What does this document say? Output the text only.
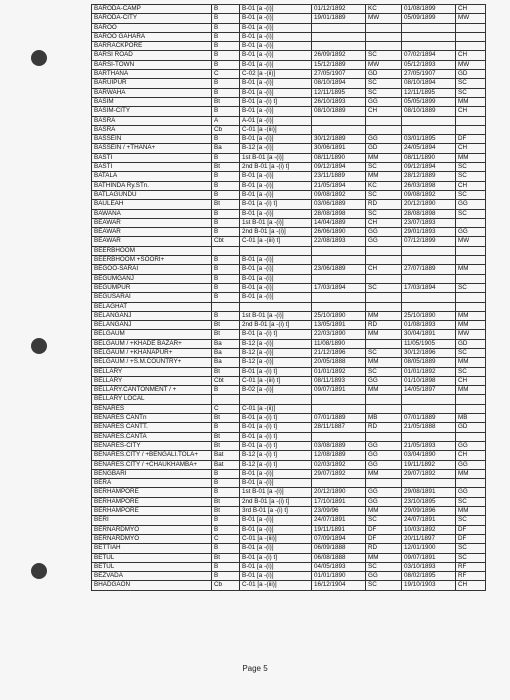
BARODA-CAMP	B	B-01 [a -(i)]	01/12/1892	KC	01/08/1899	CH
BARODA-CITY	B	B-01 [a -(i)]	19/01/1889	MW	05/09/1899	MW
BAROO	B	B-01 [a -(i)]				
BAROO GAHARA	B	B-01 [a -(i)]				
BARRACKPORE	B	B-01 [a -(i)]				
BARSI ROAD	B	B-01 [a -(i)]	26/09/1892	SC	07/02/1894	CH
BARSI-TOWN	B	B-01 [a -(i)]	15/12/1889	MW	05/12/1893	MW
BARTHANA	C	C-02 [a -(ii)]	27/05/1907	GD	27/05/1907	GD
BARUIPUR	B	B-01 [a -(i)]	08/10/1894	SC	08/10/1894	SC
BARWAHA	B	B-01 [a -(i)]	12/11/1895	SC	12/11/1895	SC
BASIM	Bt	B-01 [a -(i) t]	26/10/1893	GG	05/05/1899	MM
BASIM-CITY	B	B-01 [a -(i)]	08/10/1889	CH	08/10/1889	CH
BASRA	A	A-01 [a -(i)]				
BASRA	Cb	C-01 [a -(iii)]				
BASSEIN	B	B-01 [a -(i)]	30/12/1889	GG	03/01/1895	DF
BASSEIN / +THANA+	Ba	B-12 [a -(i)]	30/06/1891	GD	24/05/1894	CH
BASTI	B	1st B-01 [a -(i)]	08/11/1890	MM	08/11/1890	MM
BASTI	Bt	2nd B-01 [a -(i) t]	09/12/1894	SC	09/12/1894	SC
BATALA	B	B-01 [a -(i)]	23/11/1889	MM	28/12/1889	SC
BATHINDA Ry.STn.	B	B-01 [a -(i)]	21/05/1894	KC	26/03/1898	CH
BATLAGUNDU	B	B-01 [a -(i)]	09/08/1892	SC	09/08/1892	SC
BAULEAH	Bt	B-01 [a -(i) t]	03/06/1889	RD	20/12/1890	GG
BAWANA	B	B-01 [a -(i)]	28/08/1898	SC	28/08/1898	SC
BEAWAR	B	1st B-01 [a -(i)]	14/04/1889	CH	23/07/1893	
BEAWAR	B	2nd B-01 [a -(i)]	26/06/1890	GG	29/01/1893	GG
BEAWAR	Cbt	C-01 [a -(iii) t]	22/08/1893	GG	07/12/1899	MW
BEERBHOOM						
BEERBHOOM +SOORI+	B	B-01 [a -(i)]				
BEGOO-SARAI	B	B-01 [a -(i)]	23/06/1889	CH	27/07/1889	MM
BEGUMGANJ	B	B-01 [a -(i)]				
BEGUMPUR	B	B-01 [a -(i)]	17/03/1894	SC	17/03/1894	SC
BEGUSARAI	B	B-01 [a -(i)]				
BELAGHAT						
BELANGANJ	B	1st B-01 [a -(i)]	25/10/1890	MM	25/10/1890	MM
BELANGANJ	Bt	2nd B-01 [a -(i) t]	13/05/1891	RD	01/08/1893	MM
BELGAUM	Bt	B-01 [a -(i) t]	22/03/1890	MM	30/04/1891	MW
BELGAUM / +KHADE BAZAR+	Ba	B-12 [a -(i)]	11/08/1890		11/05/1905	GD
BELGAUM / +KHANAPUR+	Ba	B-12 [a -(i)]	21/12/1896	SC	30/12/1896	SC
BELGAUM / +S.M.COUNTRY+	Ba	B-12 [a -(i)]	20/05/1888	MM	08/05/1889	MM
BELLARY	Bt	B-01 [a -(i) t]	01/01/1892	SC	01/01/1892	SC
BELLARY	Cbt	C-01 [a -(iii) t]	08/11/1893	GG	01/10/1898	CH
BELLARY.CANTONMENT / +	B	B-02 [a -(i)]	09/07/1891	MM	14/05/1897	MM
BELLARY LOCAL						
BENARES	C	C-01 [a -(ii)]				
BENARES CANTn	Bt	B-01 [a -(i) t]	07/01/1889	MB	07/01/1889	MB
BENARES CANTT.	B	B-01 [a -(i) t]	28/11/1887	RD	21/05/1888	GD
BENARES.CANTA	Bt	B-01 [a -(i) t]				
BENARES-CITY	Bt	B-01 [a -(i) t]	03/08/1889	GG	21/05/1893	GG
BENARES.CITY / +BENGALI.TOLA+	Bat	B-12 [a -(i) t]	12/08/1889	GG	03/04/1890	CH
BENARES.CITY / +CHAUKHAMBA+	Bat	B-12 [a -(i) t]	02/03/1892	GG	19/11/1892	GG
BENGBARI	B	B-01 [a -(i)]	29/07/1892	MM	29/07/1892	MM
BERA	B	B-01 [a -(i)]				
BERHAMPORE	B	1st B-01 [a -(i)]	20/12/1890	GG	29/08/1891	GG
BERHAMPORE	Bt	2nd B-01 [a -(i) t]	17/10/1891	GG	23/10/1895	SC
BERHAMPORE	Bt	3rd B-01 [a -(i) t]	23/09/96	MM	29/09/1896	MM
BERI	B	B-01 [a -(i)]	24/07/1891	SC	24/07/1891	SC
BERNARDMYO	B	B-01 [a -(i)]	19/11/1891	DF	10/03/1892	DF
BERNARDMYO	C	C-01 [a -(iii)]	07/09/1894	DF	20/11/1897	DF
BETTIAH	B	B-01 [a -(i)]	06/09/1888	RD	12/01/1900	SC
BETUL	Bt	B-01 [a -(i) t]	06/08/1888	MM	09/07/1891	SC
BETUL	B	B-01 [a -(i)]	04/05/1893	SC	03/10/1893	RF
BEZVADA	B	B-01 [a -(i)]	01/01/1890	GG	08/02/1895	RF
BHADGAON	Cb	C-01 [a -(iii)]	16/12/1904	SC	19/10/1903	CH
Page 5
